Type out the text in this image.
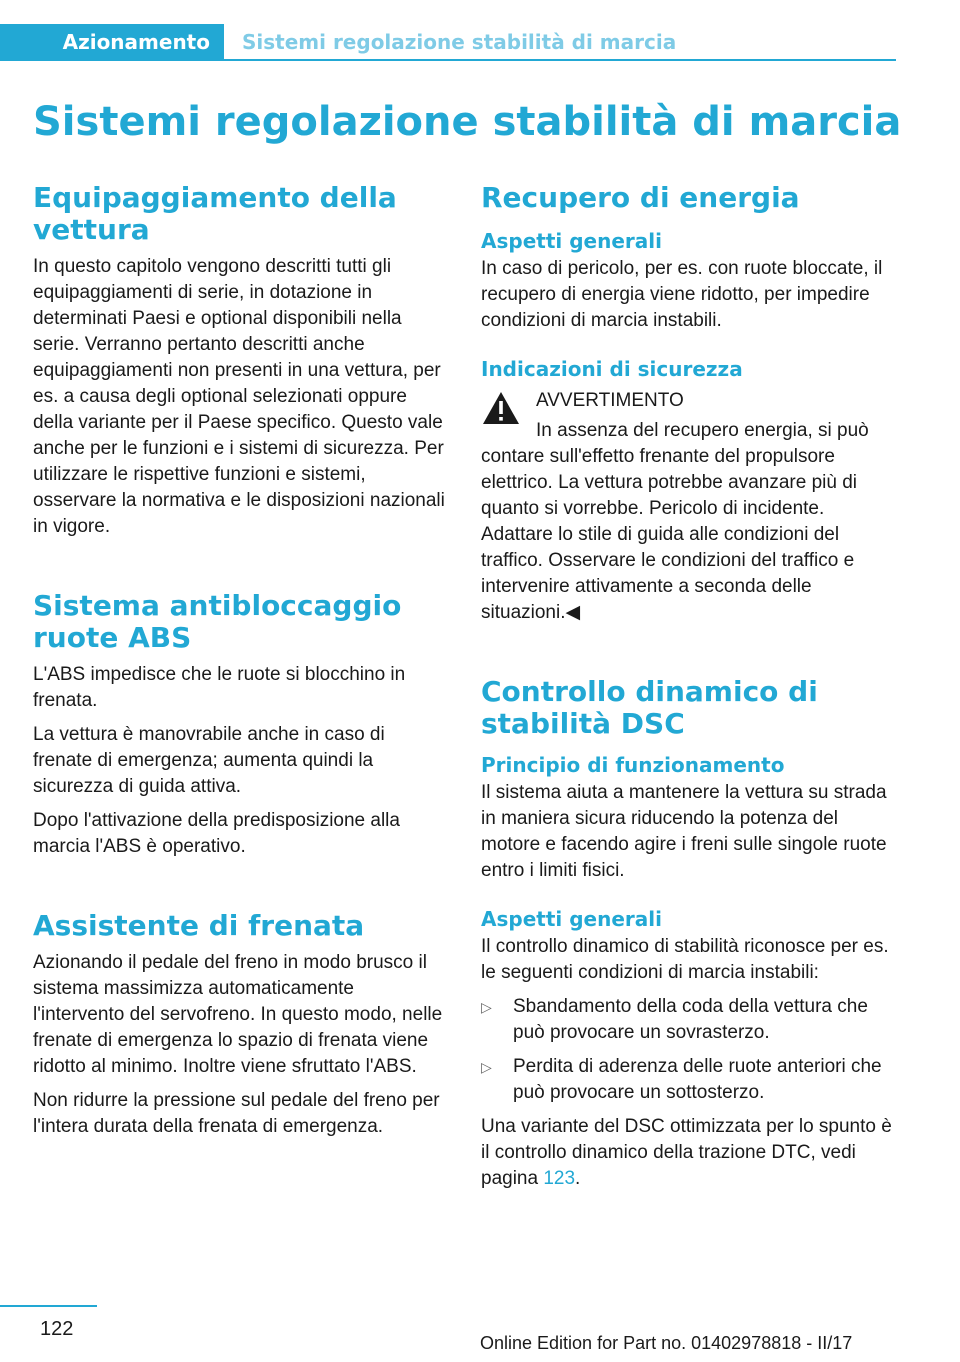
Azionamento	Sistemi regolazione stabilità di marcia
Sistemi regolazione stabilità di marcia
Equipaggiamento della vettura

In questo capitolo vengono descritti tutti gli equipaggiamenti di serie, in dotazione in determinati Paesi e optional disponibili nella serie. Verranno pertanto descritti anche equipaggiamenti non presenti in una vettura, per es. a causa degli optional selezionati oppure della variante per il Paese specifico. Questo vale anche per le funzioni e i sistemi di sicurezza. Per utilizzare le rispettive funzioni e sistemi, osservare la normativa e le disposizioni nazionali in vigore.

Sistema antibloccaggio ruote ABS

L'ABS impedisce che le ruote si blocchino in frenata.

La vettura è manovrabile anche in caso di frenate di emergenza; aumenta quindi la sicurezza di guida attiva.

Dopo l'attivazione della predisposizione alla marcia l'ABS è operativo.

Assistente di frenata

Azionando il pedale del freno in modo brusco il sistema massimizza automaticamente l'intervento del servofreno. In questo modo, nelle frenate di emergenza lo spazio di frenata viene ridotto al minimo. Inoltre viene sfruttato l'ABS.

Non ridurre la pressione sul pedale del freno per l'intera durata della frenata di emergenza.

Recupero di energia
Aspetti generali

In caso di pericolo, per es. con ruote bloccate, il recupero di energia viene ridotto, per impedire condizioni di marcia instabili.

Indicazioni di sicurezza

AVVERTIMENTO

In assenza del recupero energia, si può
contare sull'effetto frenante del propulsore elettrico. La vettura potrebbe avanzare più di quanto si vorrebbe. Pericolo di incidente. Adattare lo stile di guida alle condizioni del traffico. Osservare le condizioni del traffico e intervenire attivamente a seconda delle situazioni.◀

Controllo dinamico di stabilità DSC
Principio di funzionamento

Il sistema aiuta a mantenere la vettura su strada in maniera sicura riducendo la potenza del motore e facendo agire i freni sulle singole ruote entro i limiti fisici.

Aspetti generali

Il controllo dinamico di stabilità riconosce per es. le seguenti condizioni di marcia instabili:

▷ Sbandamento della coda della vettura che può provocare un sovrasterzo.
▷ Perdita di aderenza delle ruote anteriori che può provocare un sottosterzo.

Una variante del DSC ottimizzata per lo spunto è il controllo dinamico della trazione DTC, vedi pagina 123.

122
Online Edition for Part no. 01402978818 - II/17
